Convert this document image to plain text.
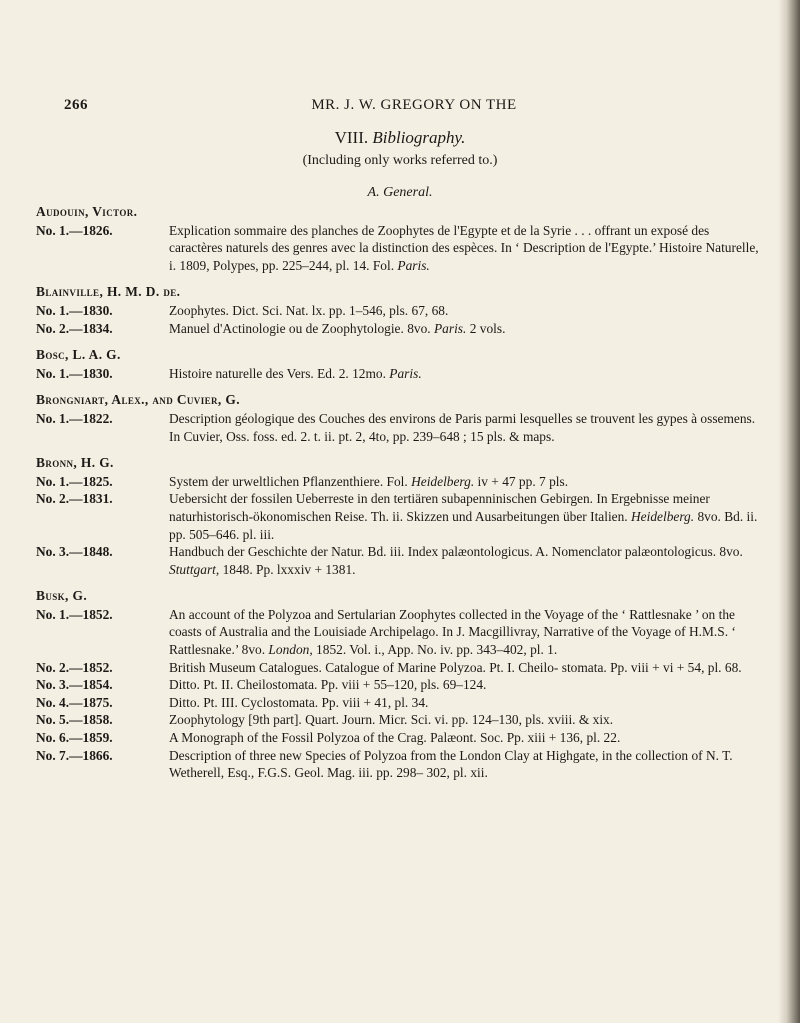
266	MR. J. W. GREGORY ON THE
VIII. Bibliography.
(Including only works referred to.)
A. General.
Audouin, Victor.
No. 1.—1826.	Explication sommaire des planches de Zoophytes de l'Egypte et de la Syrie . . . offrant un exposé des caractères naturels des genres avec la distinction des espèces. In ‘ Description de l'Egypte.’ Histoire Naturelle, i. 1809, Polypes, pp. 225–244, pl. 14. Fol. Paris.
Blainville, H. M. D. de.
No. 1.—1830.	Zoophytes. Dict. Sci. Nat. lx. pp. 1–546, pls. 67, 68.
No. 2.—1834.	Manuel d'Actinologie ou de Zoophytologie. 8vo. Paris. 2 vols.
Bosc, L. A. G.
No. 1.—1830.	Histoire naturelle des Vers. Ed. 2. 12mo. Paris.
Brongniart, Alex., and Cuvier, G.
No. 1.—1822.	Description géologique des Couches des environs de Paris parmi lesquelles se trouvent les gypes à ossemens. In Cuvier, Oss. foss. ed. 2. t. ii. pt. 2, 4to, pp. 239–648 ; 15 pls. & maps.
Bronn, H. G.
No. 1.—1825.	System der urweltlichen Pflanzenthiere. Fol. Heidelberg. iv + 47 pp. 7 pls.
No. 2.—1831.	Uebersicht der fossilen Ueberreste in den tertiären subapenninischen Gebirgen. In Ergebnisse meiner naturhistorisch-ökonomischen Reise. Th. ii. Skizzen und Ausarbeitungen über Italien. Heidelberg. 8vo. Bd. ii. pp. 505–646. pl. iii.
No. 3.—1848.	Handbuch der Geschichte der Natur. Bd. iii. Index palæontologicus. A. Nomenclator palæontologicus. 8vo. Stuttgart, 1848. Pp. lxxxiv + 1381.
Busk, G.
No. 1.—1852.	An account of the Polyzoa and Sertularian Zoophytes collected in the Voyage of the ‘ Rattlesnake ’ on the coasts of Australia and the Louisiade Archipelago. In J. Macgillivray, Narrative of the Voyage of H.M.S. ‘ Rattlesnake.’ 8vo. London, 1852. Vol. i., App. No. iv. pp. 343–402, pl. 1.
No. 2.—1852.	British Museum Catalogues. Catalogue of Marine Polyzoa. Pt. I. Cheilo- stomata. Pp. viii + vi + 54, pl. 68.
No. 3.—1854.	Ditto. Pt. II. Cheilostomata. Pp. viii + 55–120, pls. 69–124.
No. 4.—1875.	Ditto. Pt. III. Cyclostomata. Pp. viii + 41, pl. 34.
No. 5.—1858.	Zoophytology [9th part]. Quart. Journ. Micr. Sci. vi. pp. 124–130, pls. xviii. & xix.
No. 6.—1859.	A Monograph of the Fossil Polyzoa of the Crag. Palæont. Soc. Pp. xiii + 136, pl. 22.
No. 7.—1866.	Description of three new Species of Polyzoa from the London Clay at Highgate, in the collection of N. T. Wetherell, Esq., F.G.S. Geol. Mag. iii. pp. 298– 302, pl. xii.
